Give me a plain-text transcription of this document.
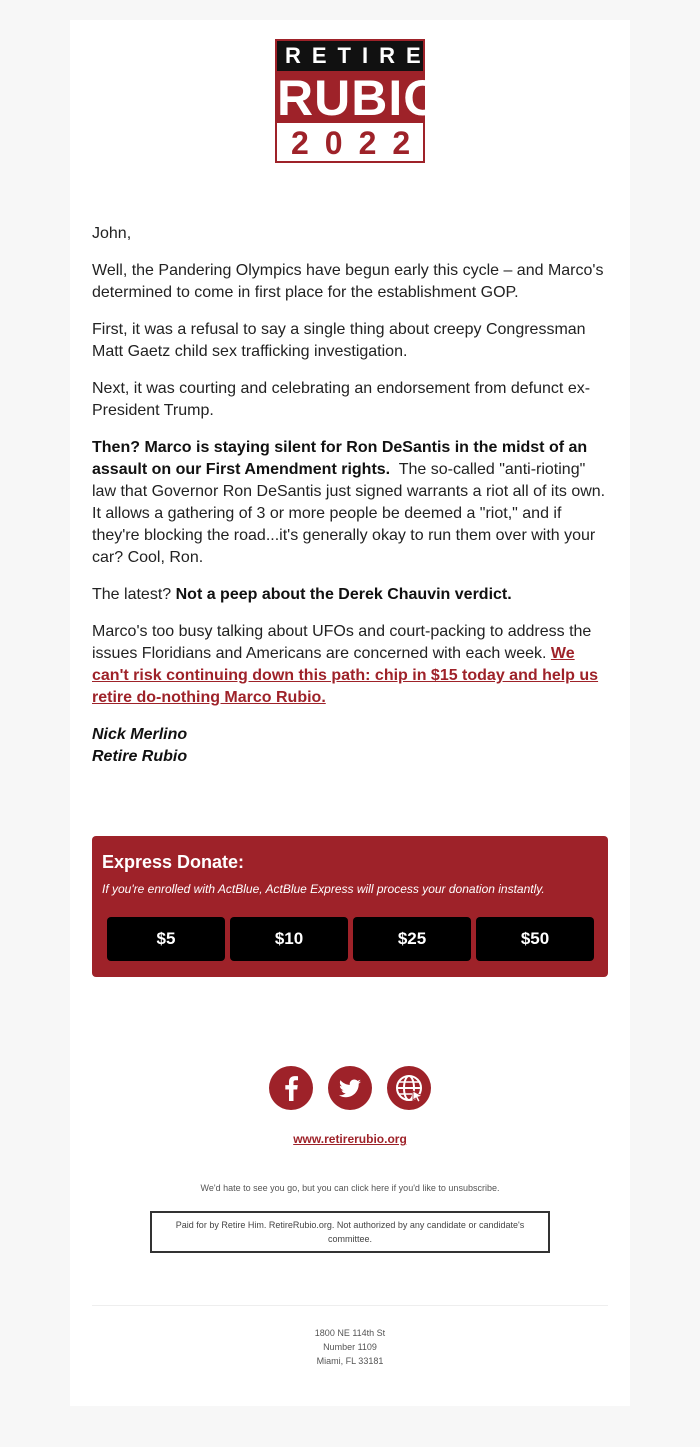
RETIRE
RUBIO
2022

John,

Well, the Pandering Olympics have begun early this cycle – and Marco's determined to come in first place for the establishment GOP.

First, it was a refusal to say a single thing about creepy Congressman Matt Gaetz child sex trafficking investigation.

Next, it was courting and celebrating an endorsement from defunct ex-President Trump.

Then? Marco is staying silent for Ron DeSantis in the midst of an assault on our First Amendment rights. The so-called "anti-rioting" law that Governor Ron DeSantis just signed warrants a riot all of its own. It allows a gathering of 3 or more people be deemed a "riot," and if they're blocking the road...it's generally okay to run them over with your car? Cool, Ron.

The latest? Not a peep about the Derek Chauvin verdict.

Marco's too busy talking about UFOs and court-packing to address the issues Floridians and Americans are concerned with each week. We can't risk continuing down this path: chip in $15 today and help us retire do-nothing Marco Rubio.

Nick Merlino
Retire Rubio

Express Donate:
If you're enrolled with ActBlue, ActBlue Express will process your donation instantly.
$5	$10	$25	$50
www.retirerubio.org
We'd hate to see you go, but you can click here if you'd like to unsubscribe.
Paid for by Retire Him. RetireRubio.org. Not authorized by any candidate or candidate's committee.
1800 NE 114th St
Number 1109
Miami, FL 33181
